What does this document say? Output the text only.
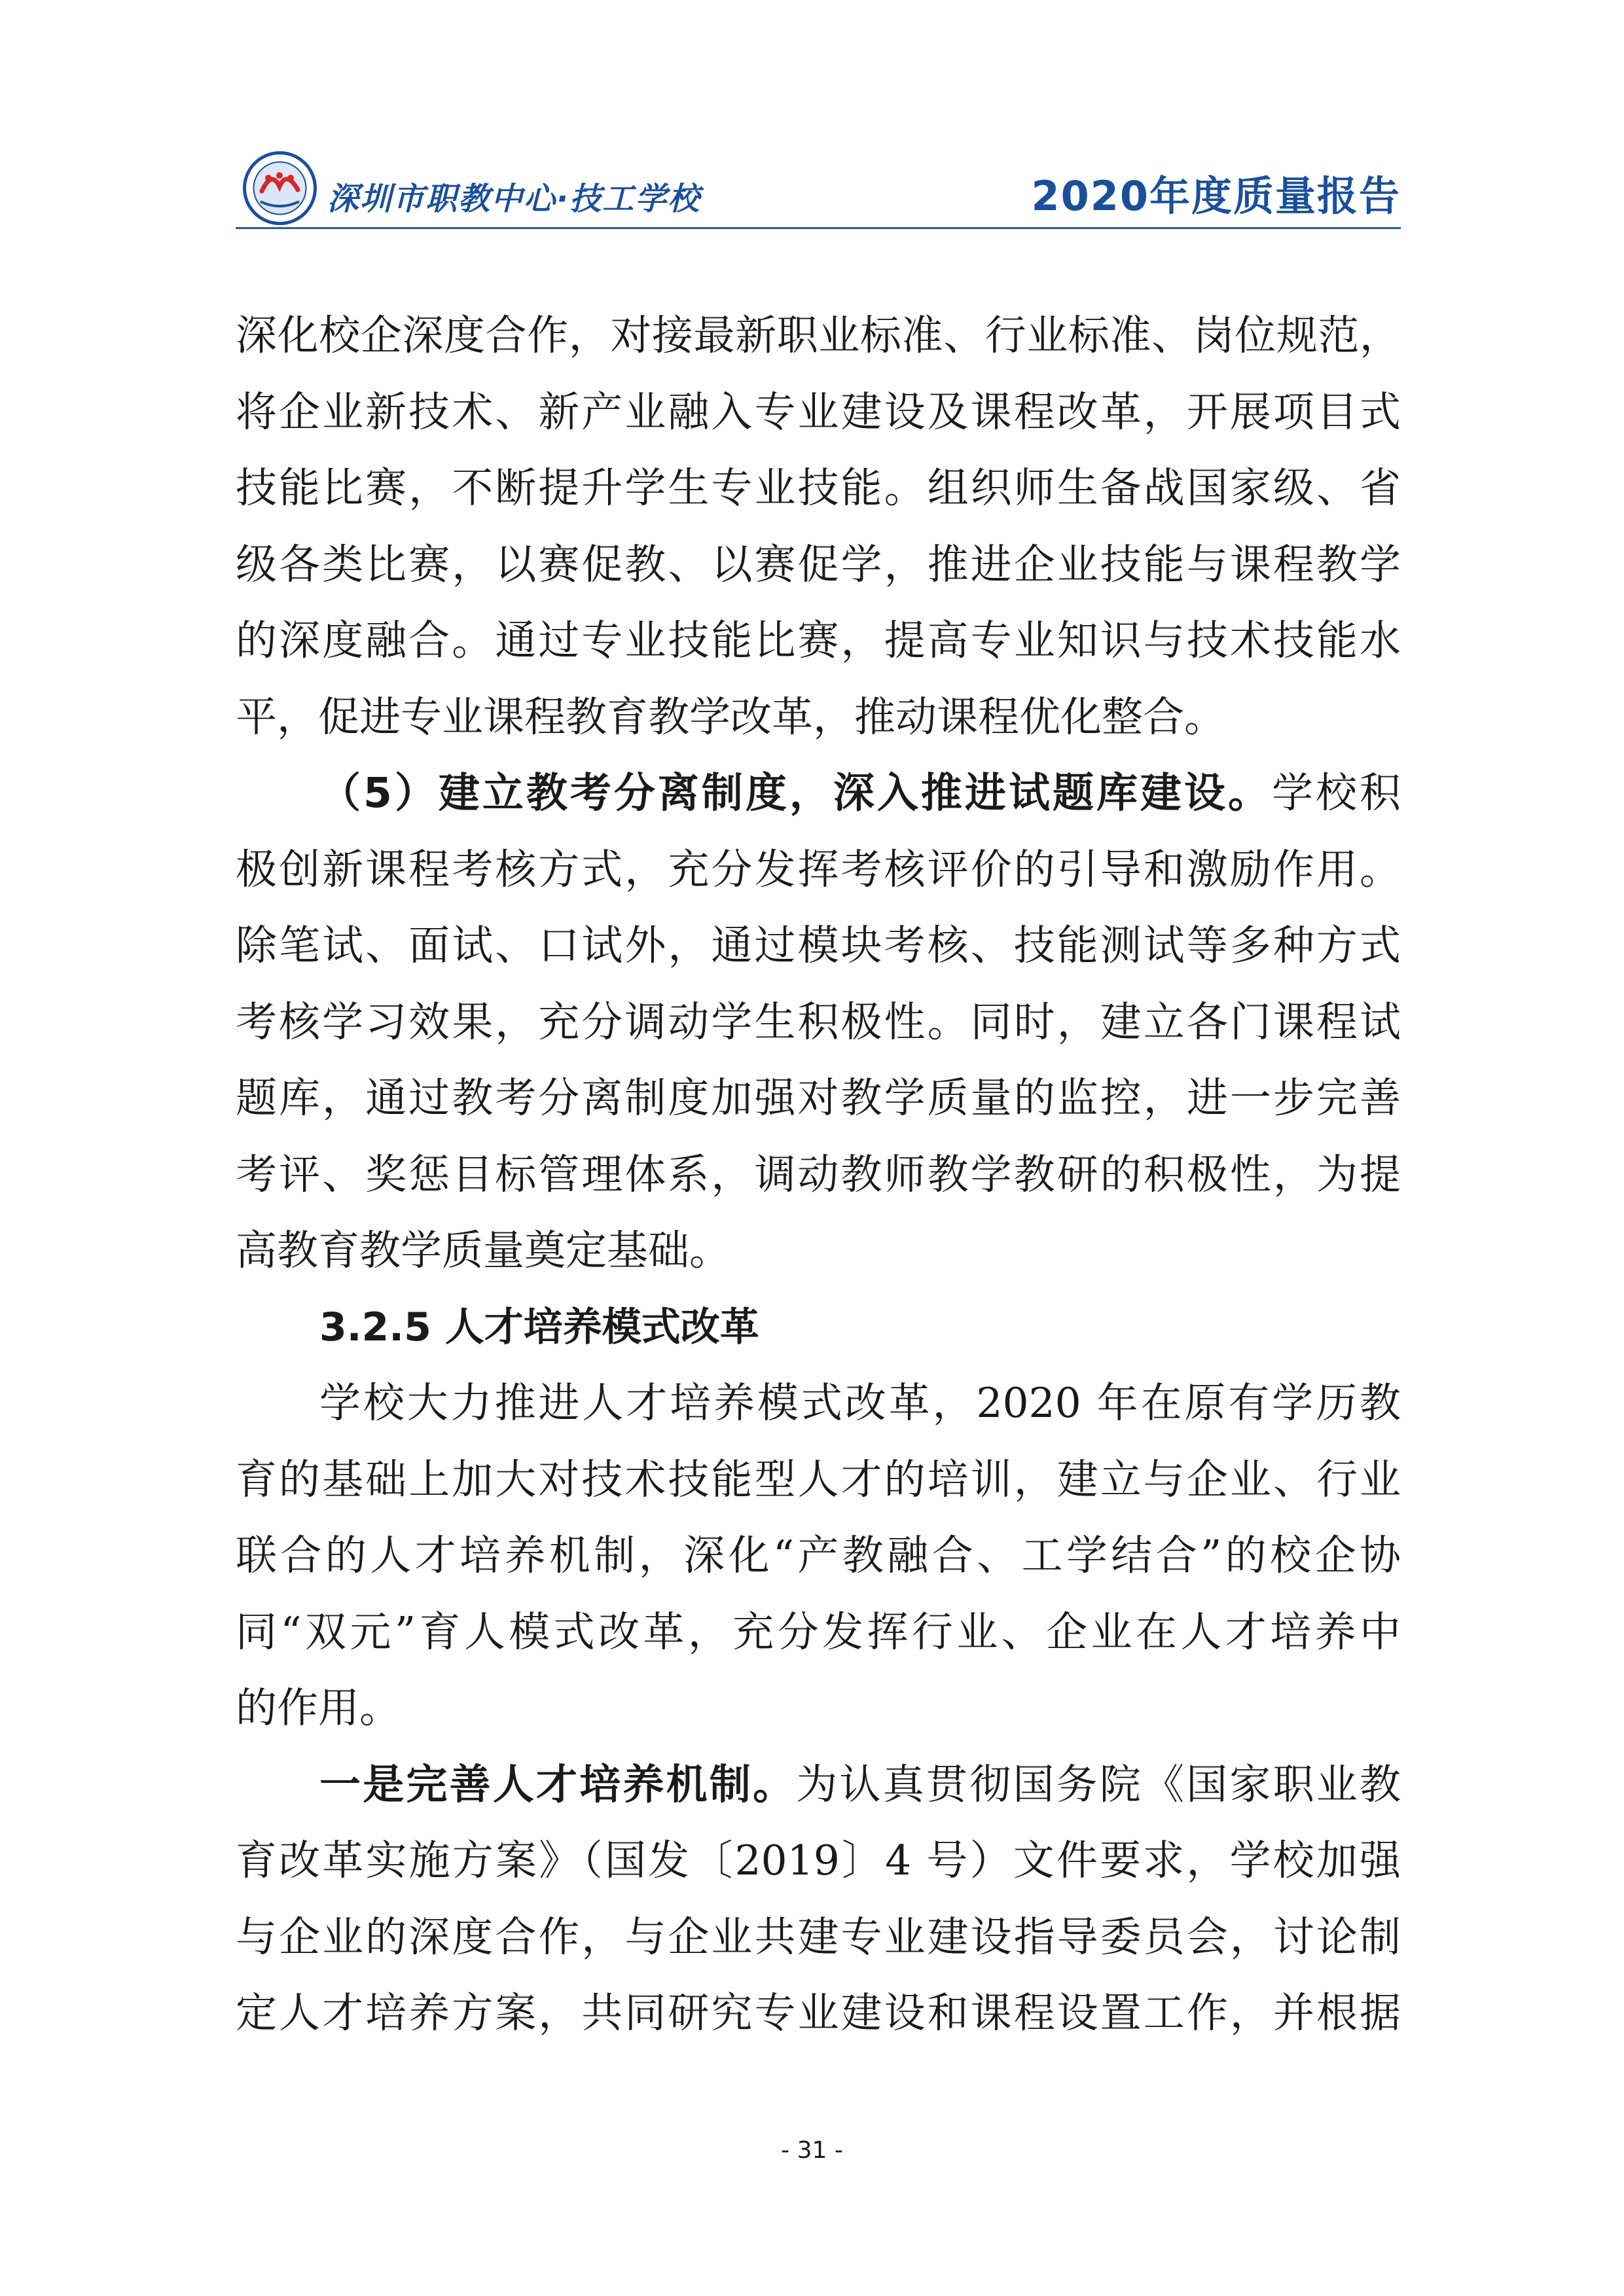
深圳市职教中心·技工学校	2020年度质量报告
深化校企深度合作，对接最新职业标准、行业标准、岗位规范，
将企业新技术、新产业融入专业建设及课程改革，开展项目式
技能比赛，不断提升学生专业技能。组织师生备战国家级、省
级各类比赛，以赛促教、以赛促学，推进企业技能与课程教学
的深度融合。通过专业技能比赛，提高专业知识与技术技能水
平，促进专业课程教育教学改革，推动课程优化整合。
（5）建立教考分离制度，深入推进试题库建设。学校积
极创新课程考核方式，充分发挥考核评价的引导和激励作用。
除笔试、面试、口试外，通过模块考核、技能测试等多种方式
考核学习效果，充分调动学生积极性。同时，建立各门课程试
题库，通过教考分离制度加强对教学质量的监控，进一步完善
考评、奖惩目标管理体系，调动教师教学教研的积极性，为提
高教育教学质量奠定基础。
3.2.5 人才培养模式改革
学校大力推进人才培养模式改革，2020 年在原有学历教
育的基础上加大对技术技能型人才的培训，建立与企业、行业
联合的人才培养机制，深化“产教融合、工学结合”的校企协
同“双元”育人模式改革，充分发挥行业、企业在人才培养中
的作用。
一是完善人才培养机制。为认真贯彻国务院《国家职业教
育改革实施方案》（国发〔2019〕4 号）文件要求，学校加强
与企业的深度合作，与企业共建专业建设指导委员会，讨论制
定人才培养方案，共同研究专业建设和课程设置工作，并根据
- 31 -
